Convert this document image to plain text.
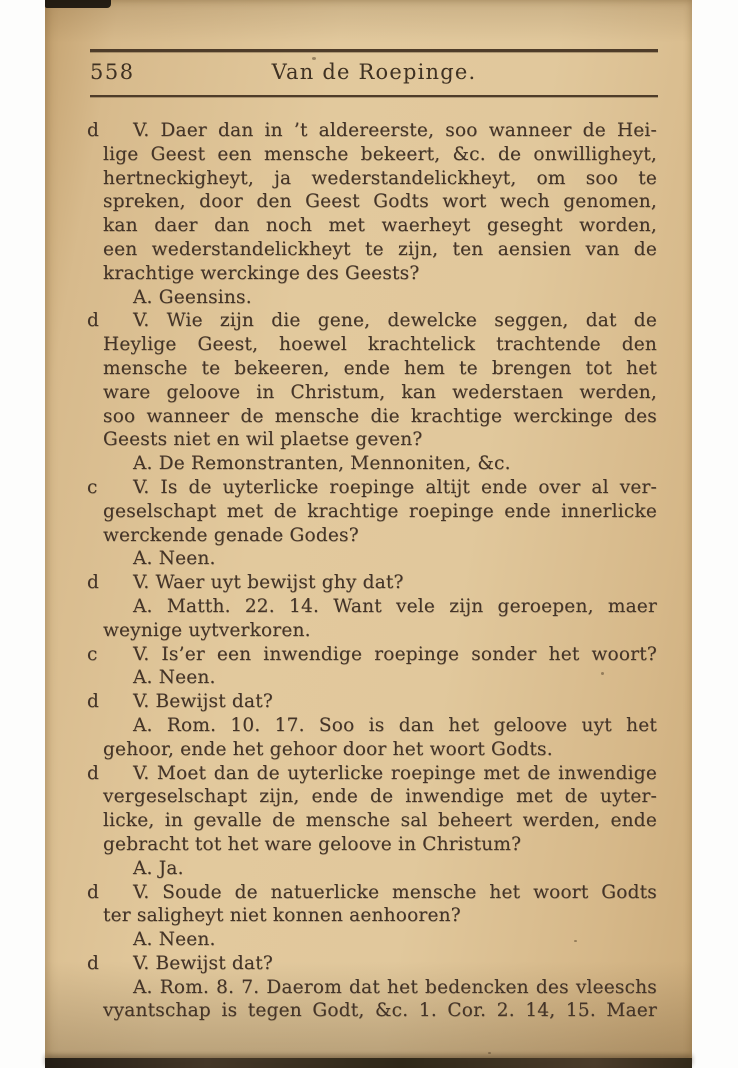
558	Van de Roepinge.
d	V. Daer dan in ’t aldereerste, soo wanneer de Hei-
lige Geest een mensche bekeert, &c. de onwilligheyt,
hertneckigheyt, ja wederstandelickheyt, om soo te
spreken, door den Geest Godts wort wech genomen,
kan daer dan noch met waerheyt geseght worden,
een wederstandelickheyt te zijn, ten aensien van de
krachtige werckinge des Geests?
A. Geensins.
d	V. Wie zijn die gene, dewelcke seggen, dat de
Heylige Geest, hoewel krachtelick trachtende den
mensche te bekeeren, ende hem te brengen tot het
ware geloove in Christum, kan wederstaen werden,
soo wanneer de mensche die krachtige werckinge des
Geests niet en wil plaetse geven?
A. De Remonstranten, Mennoniten, &c.
c	V. Is de uyterlicke roepinge altijt ende over al ver-
geselschapt met de krachtige roepinge ende innerlicke
werckende genade Godes?
A. Neen.
d	V. Waer uyt bewijst ghy dat?
A. Matth. 22. 14. Want vele zijn geroepen, maer
weynige uytverkoren.
c	V. Is’er een inwendige roepinge sonder het woort?
A. Neen.
d	V. Bewijst dat?
A. Rom. 10. 17. Soo is dan het geloove uyt het
gehoor, ende het gehoor door het woort Godts.
d	V. Moet dan de uyterlicke roepinge met de inwendige
vergeselschapt zijn, ende de inwendige met de uyter-
licke, in gevalle de mensche sal beheert werden, ende
gebracht tot het ware geloove in Christum?
A. Ja.
d	V. Soude de natuerlicke mensche het woort Godts
ter saligheyt niet konnen aenhooren?
A. Neen.
d	V. Bewijst dat?
A. Rom. 8. 7. Daerom dat het bedencken des vleeschs
vyantschap is tegen Godt, &c. 1. Cor. 2. 14, 15. Maer
